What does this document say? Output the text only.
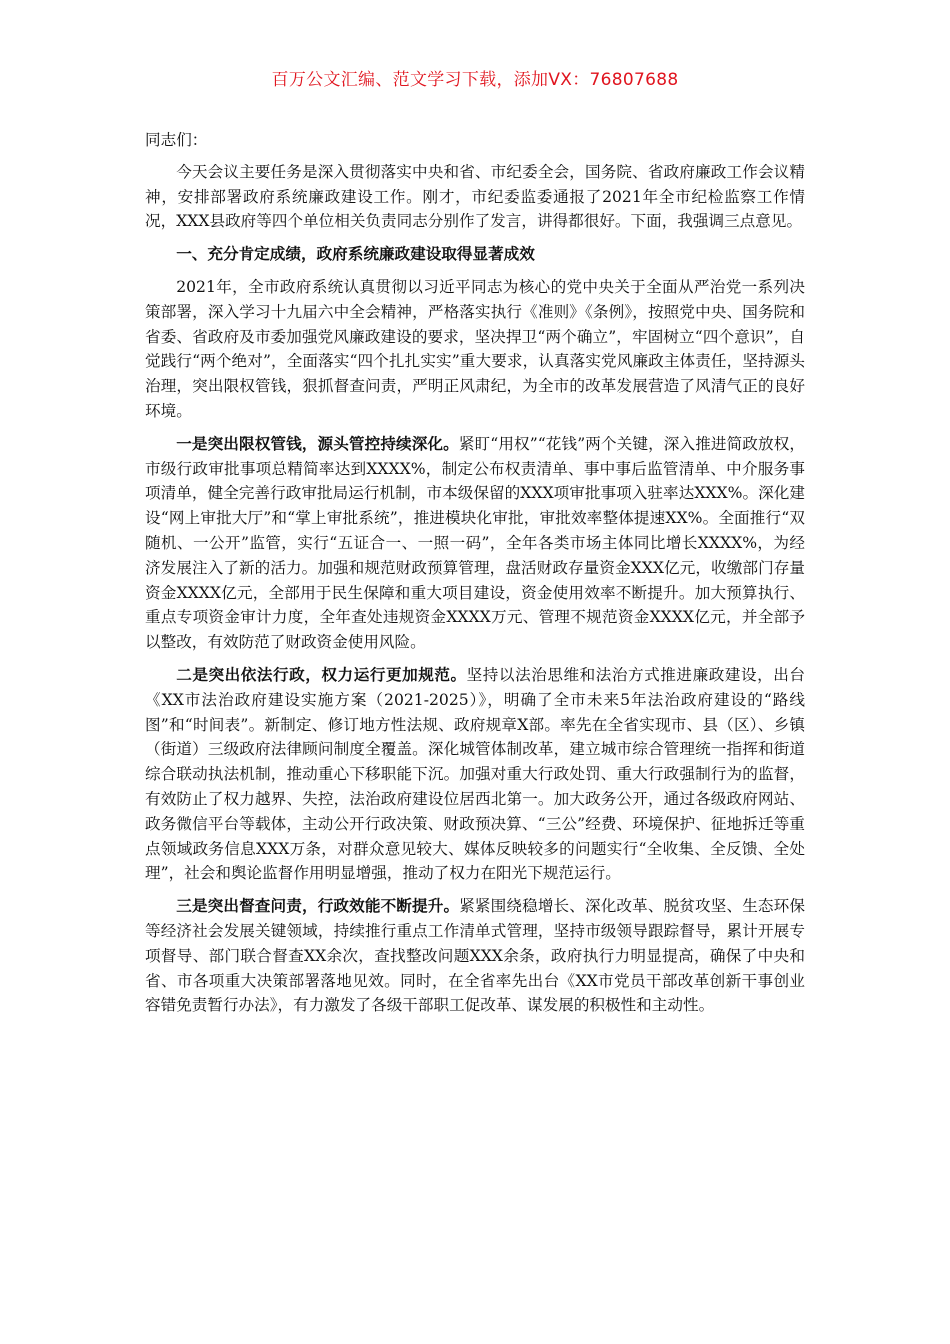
百万公文汇编、范文学习下载，添加VX：76807688

同志们：

今天会议主要任务是深入贯彻落实中央和省、市纪委全会，国务院、省政府廉政工作会议精神，安排部署政府系统廉政建设工作。刚才，市纪委监委通报了2021年全市纪检监察工作情况，XXX县政府等四个单位相关负责同志分别作了发言，讲得都很好。下面，我强调三点意见。

一、充分肯定成绩，政府系统廉政建设取得显著成效

2021年，全市政府系统认真贯彻以习近平同志为核心的党中央关于全面从严治党一系列决策部署，深入学习十九届六中全会精神，严格落实执行《准则》《条例》，按照党中央、国务院和省委、省政府及市委加强党风廉政建设的要求，坚决捍卫“两个确立”，牢固树立“四个意识”，自觉践行“两个绝对”，全面落实“四个扎扎实实”重大要求，认真落实党风廉政主体责任，坚持源头治理，突出限权管钱，狠抓督查问责，严明正风肃纪，为全市的改革发展营造了风清气正的良好环境。

一是突出限权管钱，源头管控持续深化。紧盯“用权”“花钱”两个关键，深入推进简政放权，市级行政审批事项总精简率达到XXXX%，制定公布权责清单、事中事后监管清单、中介服务事项清单，健全完善行政审批局运行机制，市本级保留的XXX项审批事项入驻率达XXX%。深化建设“网上审批大厅”和“掌上审批系统”，推进模块化审批，审批效率整体提速XX%。全面推行“双随机、一公开”监管，实行“五证合一、一照一码”，全年各类市场主体同比增长XXXX%，为经济发展注入了新的活力。加强和规范财政预算管理，盘活财政存量资金XXX亿元，收缴部门存量资金XXXX亿元，全部用于民生保障和重大项目建设，资金使用效率不断提升。加大预算执行、重点专项资金审计力度，全年查处违规资金XXXX万元、管理不规范资金XXXX亿元，并全部予以整改，有效防范了财政资金使用风险。

二是突出依法行政，权力运行更加规范。坚持以法治思维和法治方式推进廉政建设，出台《XX市法治政府建设实施方案（2021-2025）》，明确了全市未来5年法治政府建设的“路线图”和“时间表”。新制定、修订地方性法规、政府规章X部。率先在全省实现市、县（区）、乡镇（街道）三级政府法律顾问制度全覆盖。深化城管体制改革，建立城市综合管理统一指挥和街道综合联动执法机制，推动重心下移职能下沉。加强对重大行政处罚、重大行政强制行为的监督，有效防止了权力越界、失控，法治政府建设位居西北第一。加大政务公开，通过各级政府网站、政务微信平台等载体，主动公开行政决策、财政预决算、“三公”经费、环境保护、征地拆迁等重点领域政务信息XXX万条，对群众意见较大、媒体反映较多的问题实行“全收集、全反馈、全处理”，社会和舆论监督作用明显增强，推动了权力在阳光下规范运行。

三是突出督查问责，行政效能不断提升。紧紧围绕稳增长、深化改革、脱贫攻坚、生态环保等经济社会发展关键领域，持续推行重点工作清单式管理，坚持市级领导跟踪督导，累计开展专项督导、部门联合督查XX余次，查找整改问题XXX余条，政府执行力明显提高，确保了中央和省、市各项重大决策部署落地见效。同时，在全省率先出台《XX市党员干部改革创新干事创业容错免责暂行办法》，有力激发了各级干部职工促改革、谋发展的积极性和主动性。
